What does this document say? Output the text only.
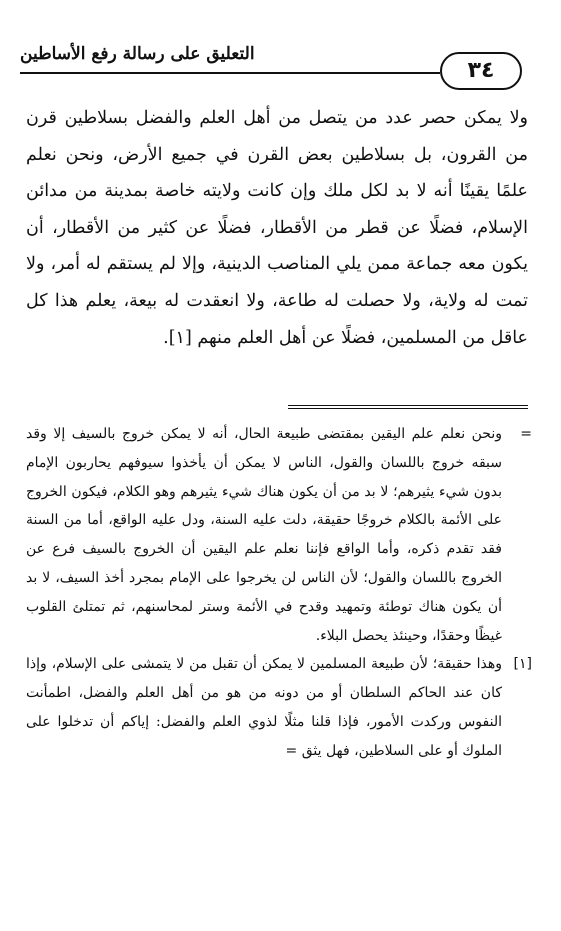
التعليق على رسالة رفع الأساطين
٣٤

ولا يمكن حصر عدد من يتصل من أهل العلم والفضل بسلاطين قرن من القرون، بل بسلاطين بعض القرن في جميع الأرض، ونحن نعلم علمًا يقينًا أنه لا بد لكل ملك وإن كانت ولايته خاصة بمدينة من مدائن الإسلام، فضلًا عن قطر من الأقطار، فضلًا عن كثير من الأقطار، أن يكون معه جماعة ممن يلي المناصب الدينية، وإلا لم يستقم له أمر، ولا تمت له ولاية، ولا حصلت له طاعة، ولا انعقدت له بيعة، يعلم هذا كل عاقل من المسلمين، فضلًا عن أهل العلم منهم [١].

=
ونحن نعلم علم اليقين بمقتضى طبيعة الحال، أنه لا يمكن خروج بالسيف إلا وقد سبقه خروج باللسان والقول، الناس لا يمكن أن يأخذوا سيوفهم يحاربون الإمام بدون شيء يثيرهم؛ لا بد من أن يكون هناك شيء يثيرهم وهو الكلام، فيكون الخروج على الأئمة بالكلام خروجًا حقيقة، دلت عليه السنة، ودل عليه الواقع، أما من السنة فقد تقدم ذكره، وأما الواقع فإننا نعلم علم اليقين أن الخروج بالسيف فرع عن الخروج باللسان والقول؛ لأن الناس لن يخرجوا على الإمام بمجرد أخذ السيف، لا بد أن يكون هناك توطئة وتمهيد وقدح في الأئمة وستر لمحاسنهم، ثم تمتلئ القلوب غيظًا وحقدًا، وحينئذ يحصل البلاء.

[١]
وهذا حقيقة؛ لأن طبيعة المسلمين لا يمكن أن تقبل من لا يتمشى على الإسلام، وإذا كان عند الحاكم السلطان أو من دونه من هو من أهل العلم والفضل، اطمأنت النفوس وركدت الأمور، فإذا قلنا مثلًا لذوي العلم والفضل: إياكم أن تدخلوا على الملوك أو على السلاطين، فهل يثق =
